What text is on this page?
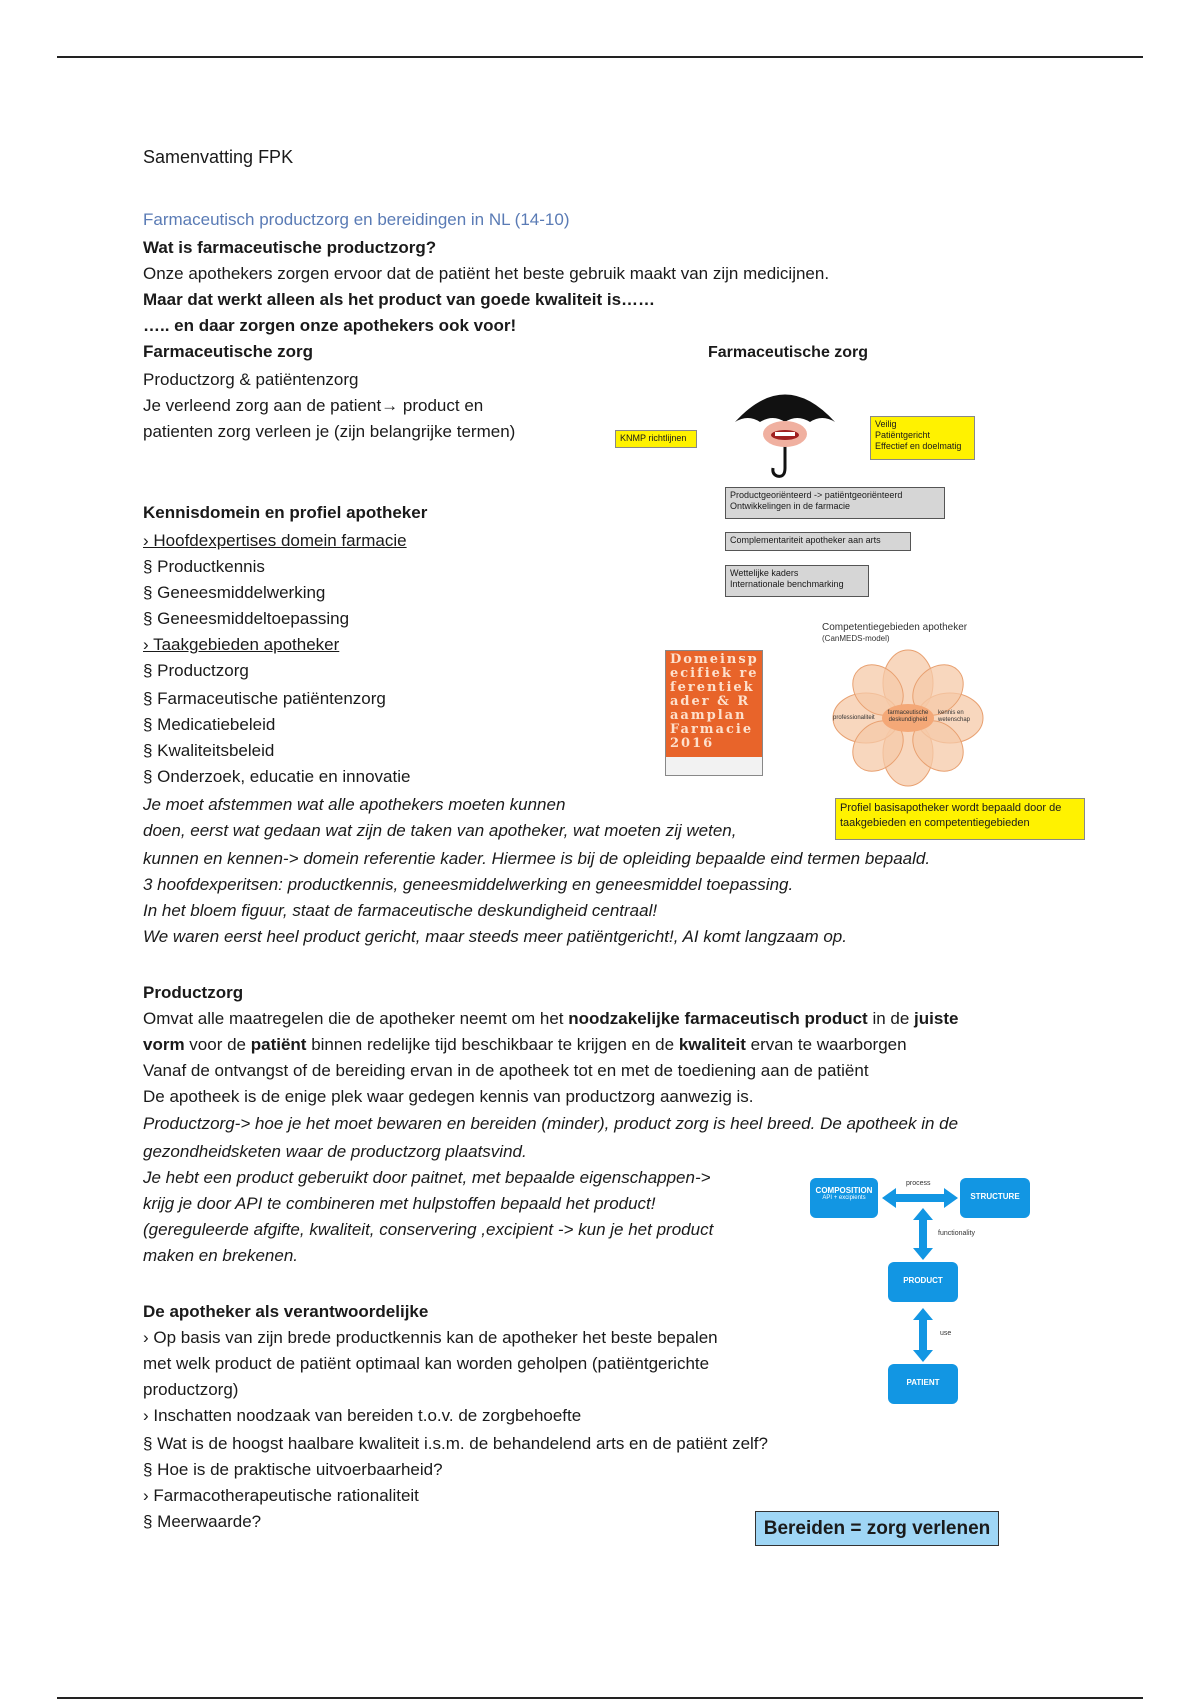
Samenvatting FPK

Farmaceutisch productzorg en bereidingen in NL (14-10)

Wat is farmaceutische productzorg?

Onze apothekers zorgen ervoor dat de patiënt het beste gebruik maakt van zijn medicijnen.

Maar dat werkt alleen als het product van goede kwaliteit is……

….. en daar zorgen onze apothekers ook voor!

Farmaceutische zorg

Productzorg & patiëntenzorg

Je verleend zorg aan de patient→ product en

patienten zorg verleen je (zijn belangrijke termen)

Kennisdomein en profiel apotheker

› Hoofdexpertises domein farmacie

§ Productkennis

§ Geneesmiddelwerking

§ Geneesmiddeltoepassing

› Taakgebieden apotheker

§ Productzorg

§ Farmaceutische patiëntenzorg

§ Medicatiebeleid

§ Kwaliteitsbeleid

§ Onderzoek, educatie en innovatie

Je moet afstemmen wat alle apothekers moeten kunnen

doen, eerst wat gedaan wat zijn de taken van apotheker, wat moeten zij weten,

kunnen en kennen-> domein referentie kader. Hiermee is bij de opleiding bepaalde eind termen bepaald.

3 hoofdexperitsen: productkennis, geneesmiddelwerking en geneesmiddel toepassing.

In het bloem figuur, staat de farmaceutische deskundigheid centraal!

We waren eerst heel product gericht, maar steeds meer patiëntgericht!, AI komt langzaam op.

Productzorg

Omvat alle maatregelen die de apotheker neemt om het noodzakelijke farmaceutisch product in de juiste

vorm voor de patiënt binnen redelijke tijd beschikbaar te krijgen en de kwaliteit ervan te waarborgen

Vanaf de ontvangst of de bereiding ervan in de apotheek tot en met de toediening aan de patiënt

De apotheek is de enige plek waar gedegen kennis van productzorg aanwezig is.

Productzorg-> hoe je het moet bewaren en bereiden (minder), product zorg is heel breed. De apotheek in de

gezondheidsketen waar de productzorg plaatsvind.

Je hebt een product geberuikt door paitnet, met bepaalde eigenschappen->

krijg je door API te combineren met hulpstoffen bepaald het product!

(gereguleerde afgifte, kwaliteit, conservering ,excipient -> kun je het product

maken en brekenen.

De apotheker als verantwoordelijke

› Op basis van zijn brede productkennis kan de apotheker het beste bepalen

met welk product de patiënt optimaal kan worden geholpen (patiëntgerichte

productzorg)

› Inschatten noodzaak van bereiden t.o.v. de zorgbehoefte

§ Wat is de hoogst haalbare kwaliteit i.s.m. de behandelend arts en de patiënt zelf?

§ Hoe is de praktische uitvoerbaarheid?

› Farmacotherapeutische rationaliteit

§ Meerwaarde?

Farmaceutische zorg
KNMP richtlijnen
Veilig
Patiëntgericht
Effectief en doelmatig
Productgeoriënteerd -> patiëntgeoriënteerd
Ontwikkelingen in de farmacie
Complementariteit apotheker aan arts
Wettelijke kaders
Internationale benchmarking
Competentiegebieden apotheker
(CanMEDS-model)
farmaceutische deskundigheid
professionaliteit
kennis en wetenschap
Domeinspecifiek referentiekader & Raamplan Farmacie 2016
Profiel basisapotheker wordt bepaald door de taakgebieden en competentiegebieden
COMPOSITION
API + excipients	STRUCTURE
PRODUCT
PATIENT
process
functionality
use
Bereiden = zorg verlenen
